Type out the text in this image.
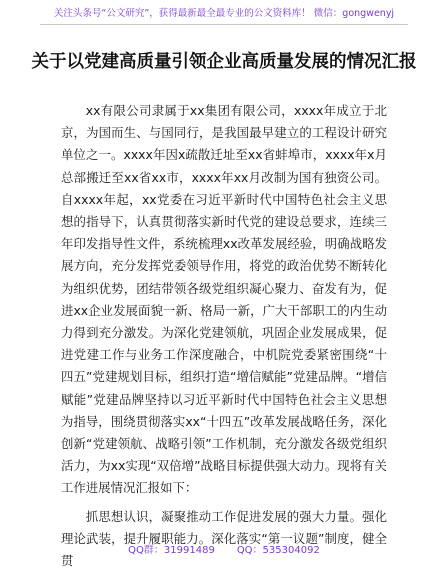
关注头条号“公文研究”，获得最新最全最专业的公文资料库！ 微信：gongwenyj
关于以党建高质量引领企业高质量发展的情况汇报

xx有限公司隶属于xx集团有限公司，xxxx年成立于北京，为国而生、与国同行，是我国最早建立的工程设计研究单位之一。xxxx年因x疏散迁址至xx省蚌埠市，xxxx年x月总部搬迁至xx省xx市，xxxx年xx月改制为国有独资公司。自xxxx年起，xx党委在习近平新时代中国特色社会主义思想的指导下，认真贯彻落实新时代党的建设总要求，连续三年印发指导性文件，系统梳理xx改革发展经验，明确战略发展方向，充分发挥党委领导作用，将党的政治优势不断转化为组织优势，团结带领各级党组织凝心聚力、奋发有为，促进xx企业发展面貌一新、格局一新，广大干部职工的内生动力得到充分激发。为深化党建领航，巩固企业发展成果，促进党建工作与业务工作深度融合，中机院党委紧密围绕“十四五”党建规划目标，组织打造“增信赋能”党建品牌。“增信赋能”党建品牌坚持以习近平新时代中国特色社会主义思想为指导，围绕贯彻落实xx“十四五”改革发展战略任务，深化创新“党建领航、战略引领”工作机制，充分激发各级党组织活力，为xx实现“双倍增”战略目标提供强大动力。现将有关工作进展情况汇报如下：

抓思想认识，凝聚推动工作促进发展的强大力量。强化理论武装，提升履职能力。深化落实“第一议题”制度，健全贯

QQ群：31991489 QQ：535304092
